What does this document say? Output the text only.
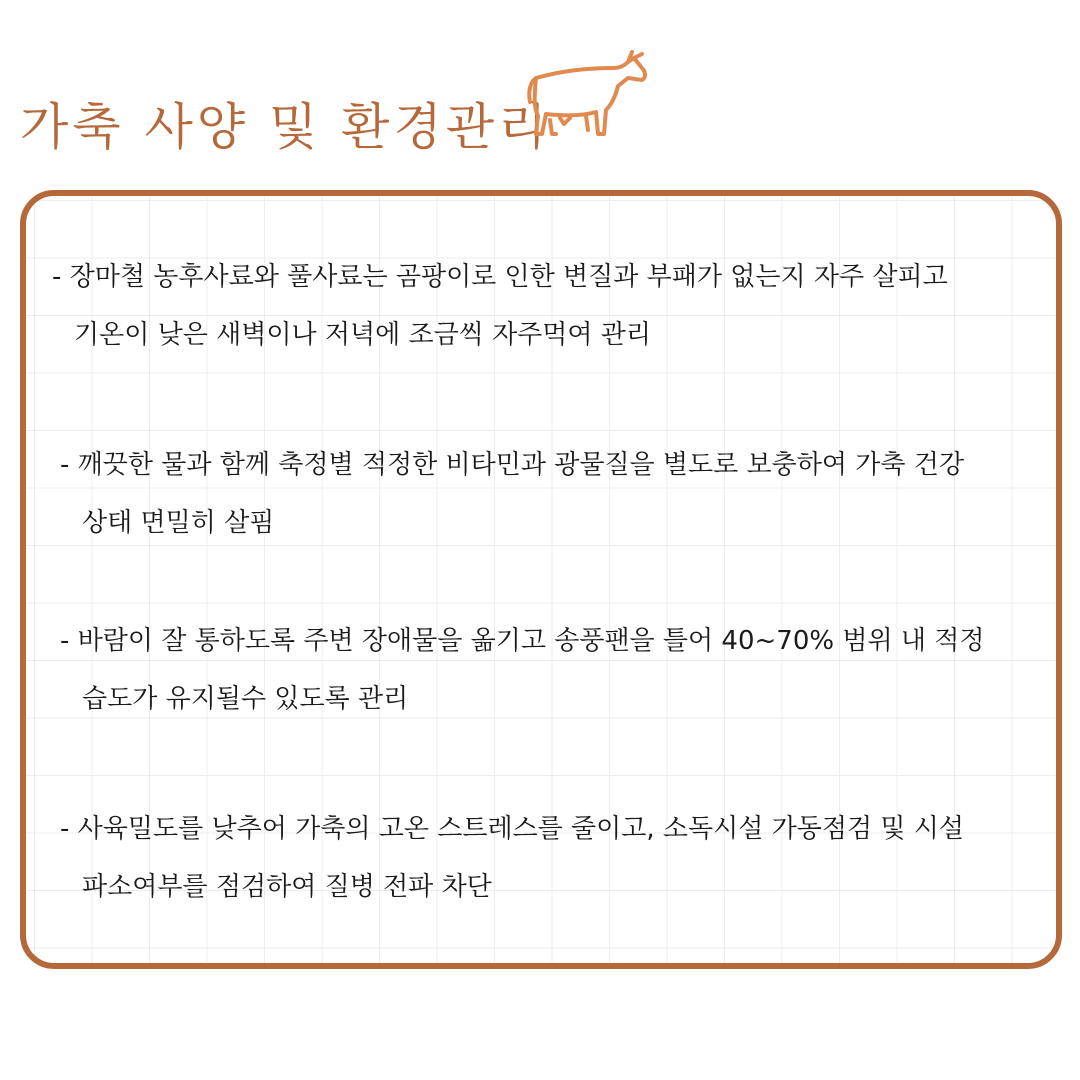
가축 사양 및 환경관리
- 장마철 농후사료와 풀사료는 곰팡이로 인한 변질과 부패가 없는지 자주 살피고
기온이 낮은 새벽이나 저녁에 조금씩 자주먹여 관리
- 깨끗한 물과 함께 축정별 적정한 비타민과 광물질을 별도로 보충하여 가축 건강
상태 면밀히 살핌
- 바람이 잘 통하도록 주변 장애물을 옮기고 송풍팬을 틀어 40~70% 범위 내 적정
습도가 유지될수 있도록 관리
- 사육밀도를 낮추어 가축의 고온 스트레스를 줄이고, 소독시설 가동점검 및 시설
파소여부를 점검하여 질병 전파 차단
